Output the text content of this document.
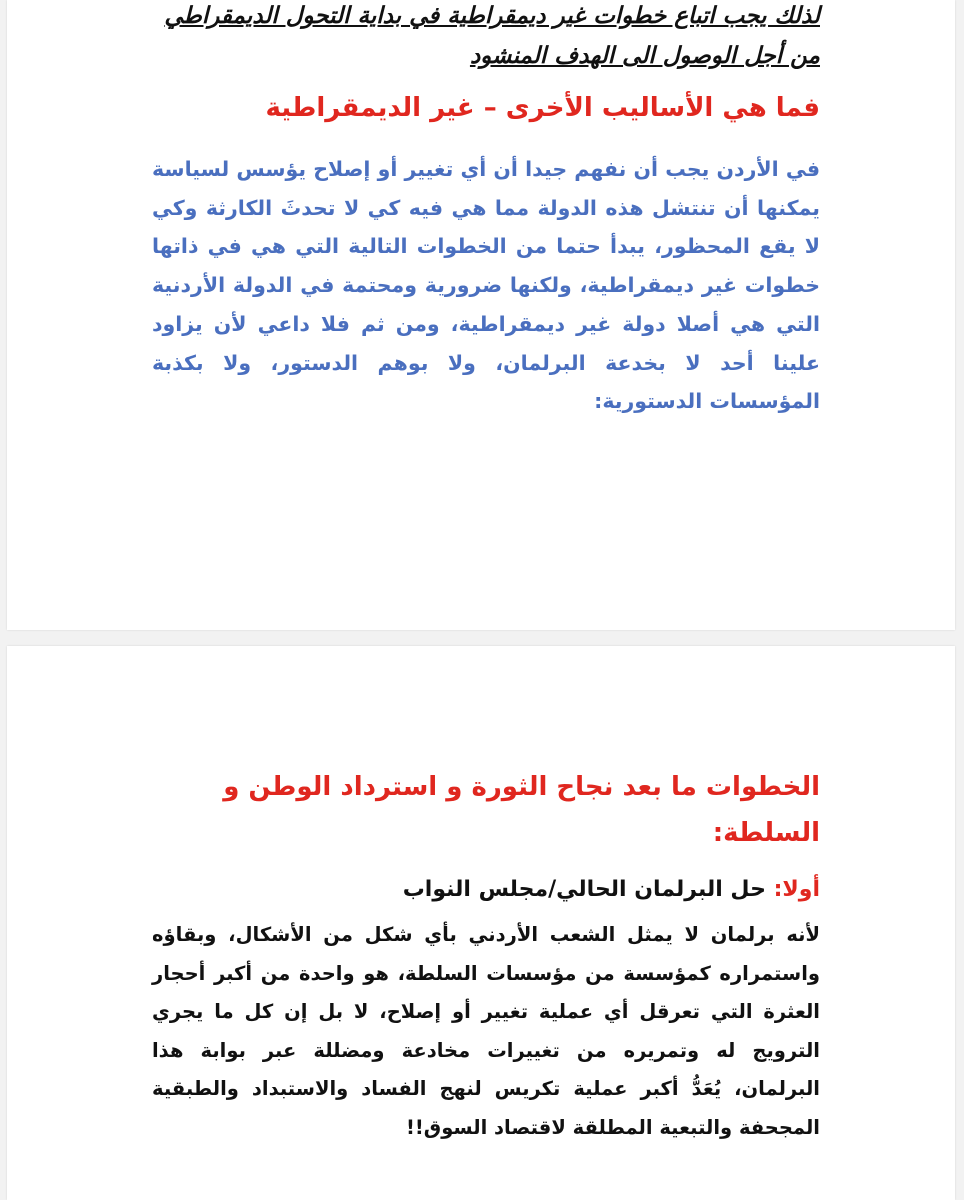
لذلك يجب اتباع خطوات غير ديمقراطية في بداية التحول الديمقراطي من أجل الوصول الى الهدف المنشود
فما هي الأساليب الأخرى – غير الديمقراطية
في الأردن يجب أن نفهم جيدا أن أي تغيير أو إصلاح يؤسس لسياسة يمكنها أن تنتشل هذه الدولة مما هي فيه كي لا تحدثَ الكارثة وكي لا يقع المحظور، يبدأ حتما من الخطوات التالية التي هي في ذاتها خطوات غير ديمقراطية، ولكنها ضرورية ومحتمة في الدولة الأردنية التي هي أصلا دولة غير ديمقراطية، ومن ثم فلا داعي لأن يزاود علينا أحد لا بخدعة البرلمان، ولا بوهم الدستور، ولا بكذبة المؤسسات الدستورية:
الخطوات ما بعد نجاح الثورة و استرداد الوطن و السلطة:
أولا: حل البرلمان الحالي/مجلس النواب
لأنه برلمان لا يمثل الشعب الأردني بأي شكل من الأشكال، وبقاؤه واستمراره كمؤسسة من مؤسسات السلطة، هو واحدة من أكبر أحجار العثرة التي تعرقل أي عملية تغيير أو إصلاح، لا بل إن كل ما يجري الترويج له وتمريره من تغييرات مخادعة ومضللة عبر بوابة هذا البرلمان، يُعَدُّ أكبر عملية تكريس لنهج الفساد والاستبداد والطبقية المجحفة والتبعية المطلقة لاقتصاد السوق!!
